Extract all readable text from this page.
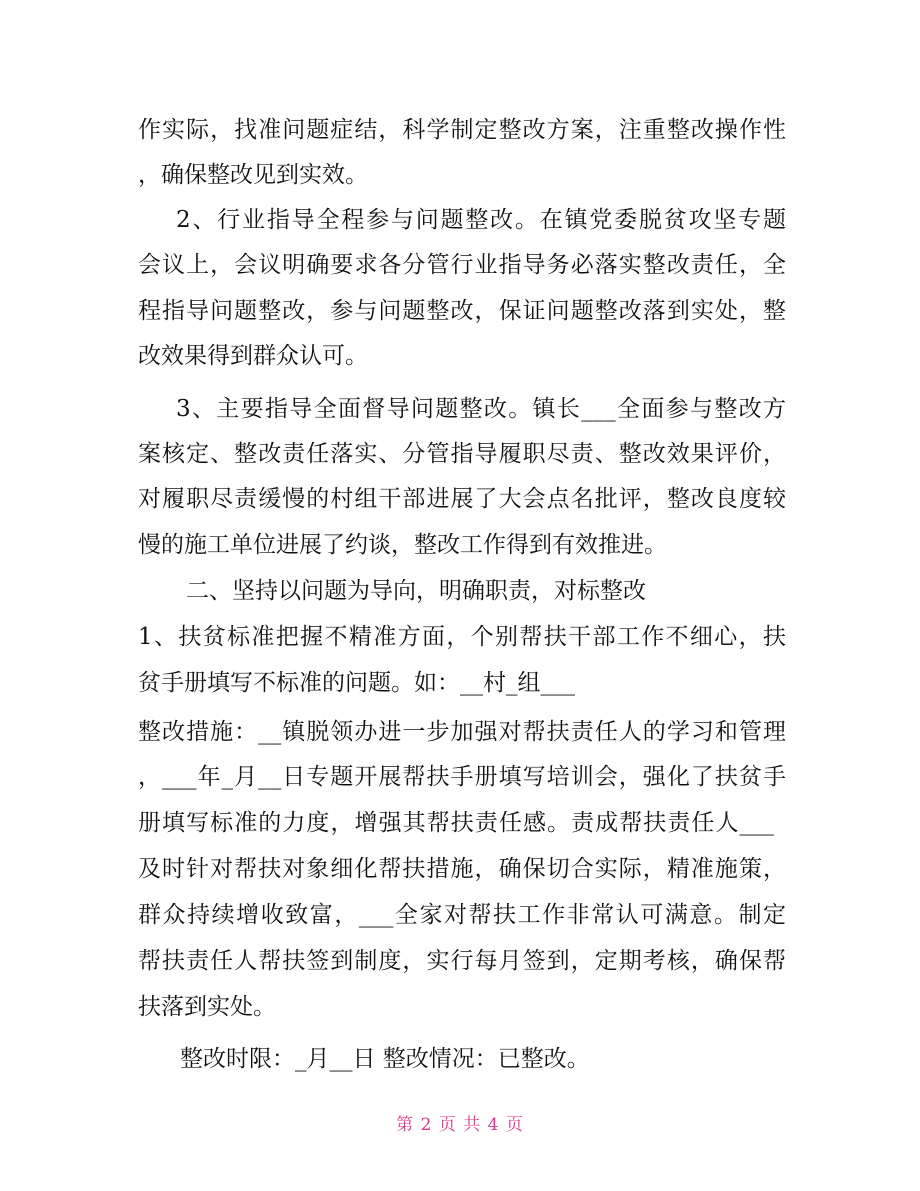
作实际，找准问题症结，科学制定整改方案，注重整改操作性
，确保整改见到实效。
2、行业指导全程参与问题整改。在镇党委脱贫攻坚专题
会议上，会议明确要求各分管行业指导务必落实整改责任，全
程指导问题整改，参与问题整改，保证问题整改落到实处，整
改效果得到群众认可。
3、主要指导全面督导问题整改。镇长___全面参与整改方
案核定、整改责任落实、分管指导履职尽责、整改效果评价，
对履职尽责缓慢的村组干部进展了大会点名批评，整改良度较
慢的施工单位进展了约谈，整改工作得到有效推进。
二、坚持以问题为导向，明确职责，对标整改
1、扶贫标准把握不精准方面，个别帮扶干部工作不细心，扶
贫手册填写不标准的问题。如：__村_组___
整改措施：__镇脱领办进一步加强对帮扶责任人的学习和管理
，___年_月__日专题开展帮扶手册填写培训会，强化了扶贫手
册填写标准的力度，增强其帮扶责任感。责成帮扶责任人___
及时针对帮扶对象细化帮扶措施，确保切合实际，精准施策，
群众持续增收致富，___全家对帮扶工作非常认可满意。制定
帮扶责任人帮扶签到制度，实行每月签到，定期考核，确保帮
扶落到实处。
整改时限：_月__日 整改情况：已整改。
第 2 页 共 4 页
